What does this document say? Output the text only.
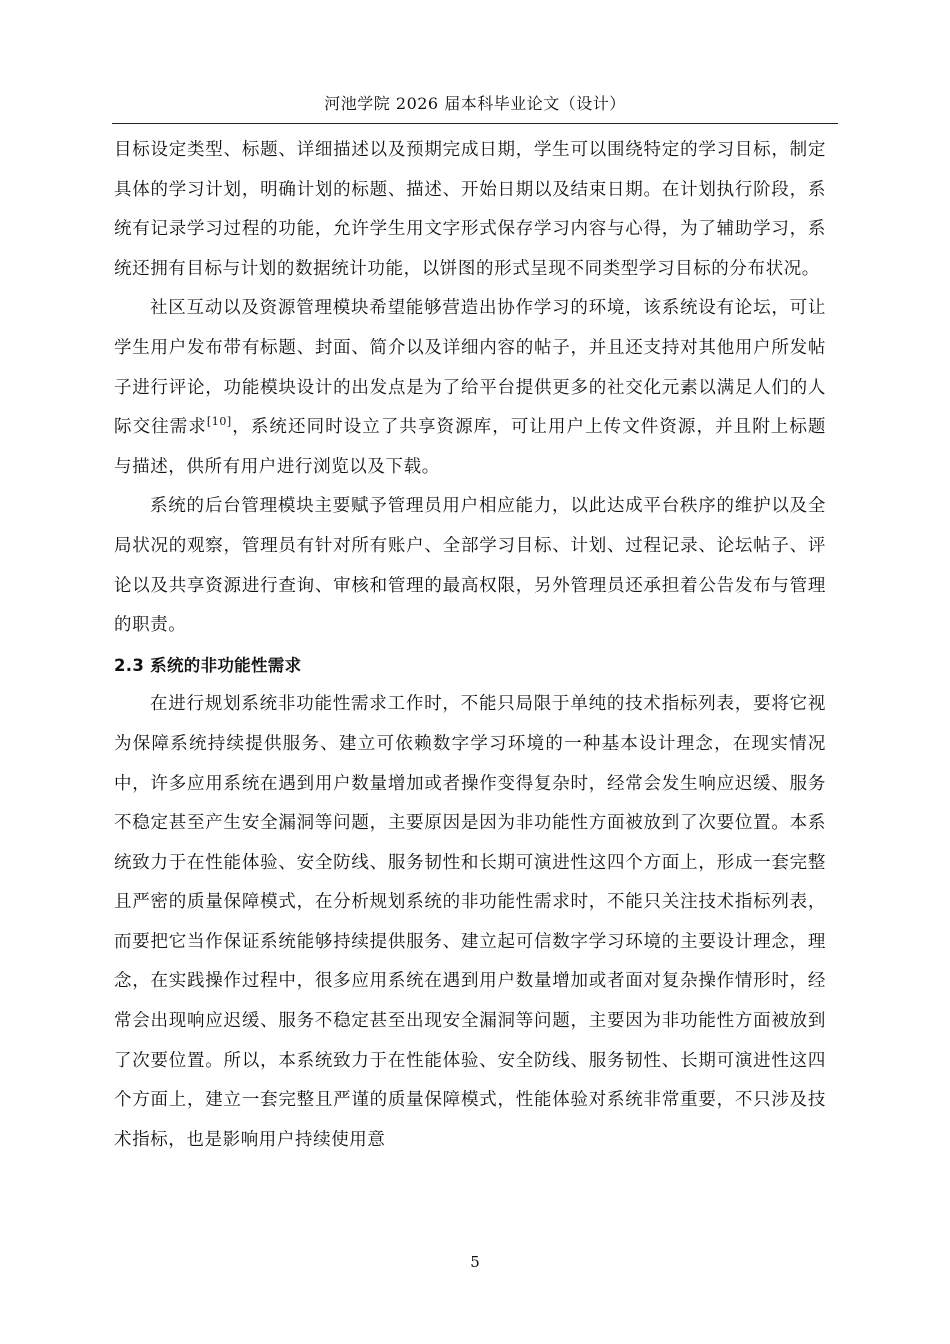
河池学院 2026 届本科毕业论文（设计）

目标设定类型、标题、详细描述以及预期完成日期，学生可以围绕特定的学习目标，制定具体的学习计划，明确计划的标题、描述、开始日期以及结束日期。在计划执行阶段，系统有记录学习过程的功能，允许学生用文字形式保存学习内容与心得，为了辅助学习，系统还拥有目标与计划的数据统计功能，以饼图的形式呈现不同类型学习目标的分布状况。

社区互动以及资源管理模块希望能够营造出协作学习的环境，该系统设有论坛，可让学生用户发布带有标题、封面、简介以及详细内容的帖子，并且还支持对其他用户所发帖子进行评论，功能模块设计的出发点是为了给平台提供更多的社交化元素以满足人们的人际交往需求[10]，系统还同时设立了共享资源库，可让用户上传文件资源，并且附上标题与描述，供所有用户进行浏览以及下载。

系统的后台管理模块主要赋予管理员用户相应能力，以此达成平台秩序的维护以及全局状况的观察，管理员有针对所有账户、全部学习目标、计划、过程记录、论坛帖子、评论以及共享资源进行查询、审核和管理的最高权限，另外管理员还承担着公告发布与管理的职责。

2.3 系统的非功能性需求

在进行规划系统非功能性需求工作时，不能只局限于单纯的技术指标列表，要将它视为保障系统持续提供服务、建立可依赖数字学习环境的一种基本设计理念，在现实情况中，许多应用系统在遇到用户数量增加或者操作变得复杂时，经常会发生响应迟缓、服务不稳定甚至产生安全漏洞等问题，主要原因是因为非功能性方面被放到了次要位置。本系统致力于在性能体验、安全防线、服务韧性和长期可演进性这四个方面上，形成一套完整且严密的质量保障模式，在分析规划系统的非功能性需求时，不能只关注技术指标列表，而要把它当作保证系统能够持续提供服务、建立起可信数字学习环境的主要设计理念，理念，在实践操作过程中，很多应用系统在遇到用户数量增加或者面对复杂操作情形时，经常会出现响应迟缓、服务不稳定甚至出现安全漏洞等问题，主要因为非功能性方面被放到了次要位置。所以，本系统致力于在性能体验、安全防线、服务韧性、长期可演进性这四个方面上，建立一套完整且严谨的质量保障模式，性能体验对系统非常重要，不只涉及技术指标，也是影响用户持续使用意

5
